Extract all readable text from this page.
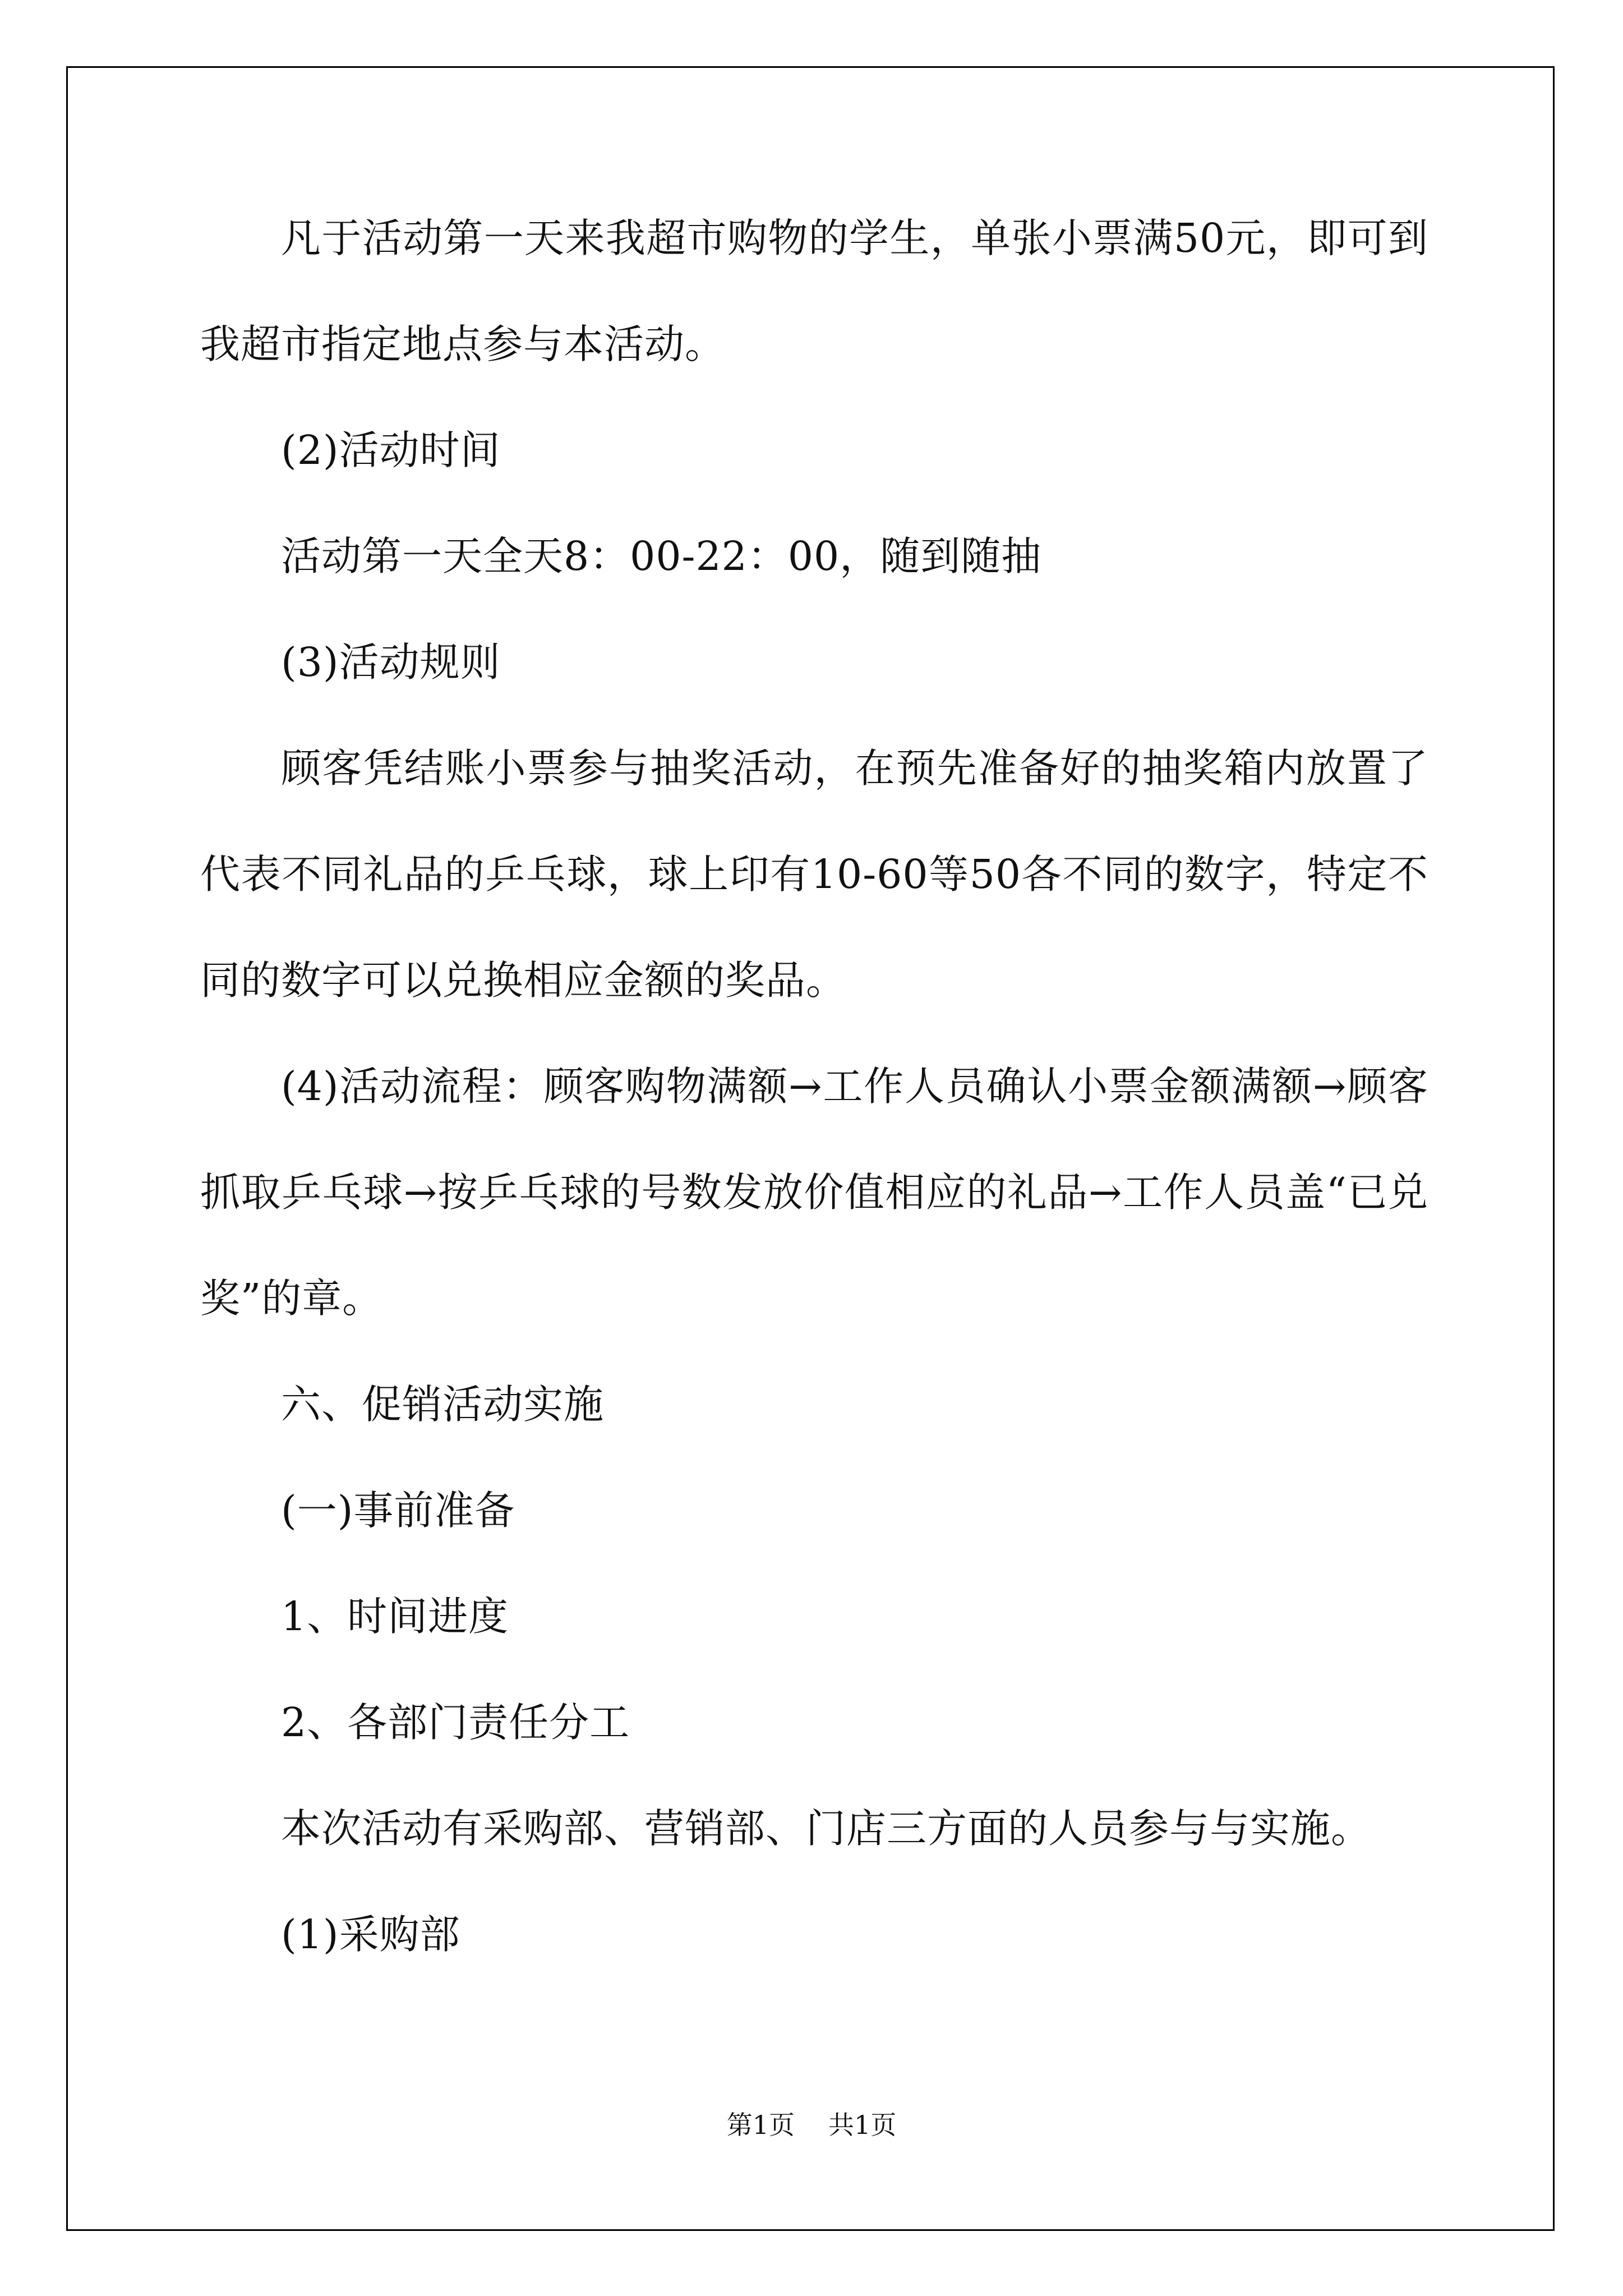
凡于活动第一天来我超市购物的学生，单张小票满50元，即可到我超市指定地点参与本活动。

(2)活动时间

活动第一天全天8：00-22：00，随到随抽

(3)活动规则

顾客凭结账小票参与抽奖活动，在预先准备好的抽奖箱内放置了代表不同礼品的乒乓球，球上印有10-60等50各不同的数字，特定不同的数字可以兑换相应金额的奖品。

(4)活动流程：顾客购物满额→工作人员确认小票金额满额→顾客抓取乒乓球→按乒乓球的号数发放价值相应的礼品→工作人员盖“已兑奖”的章。

六、促销活动实施

(一)事前准备

1、时间进度

2、各部门责任分工

本次活动有采购部、营销部、门店三方面的人员参与与实施。

(1)采购部

第1页 共1页
